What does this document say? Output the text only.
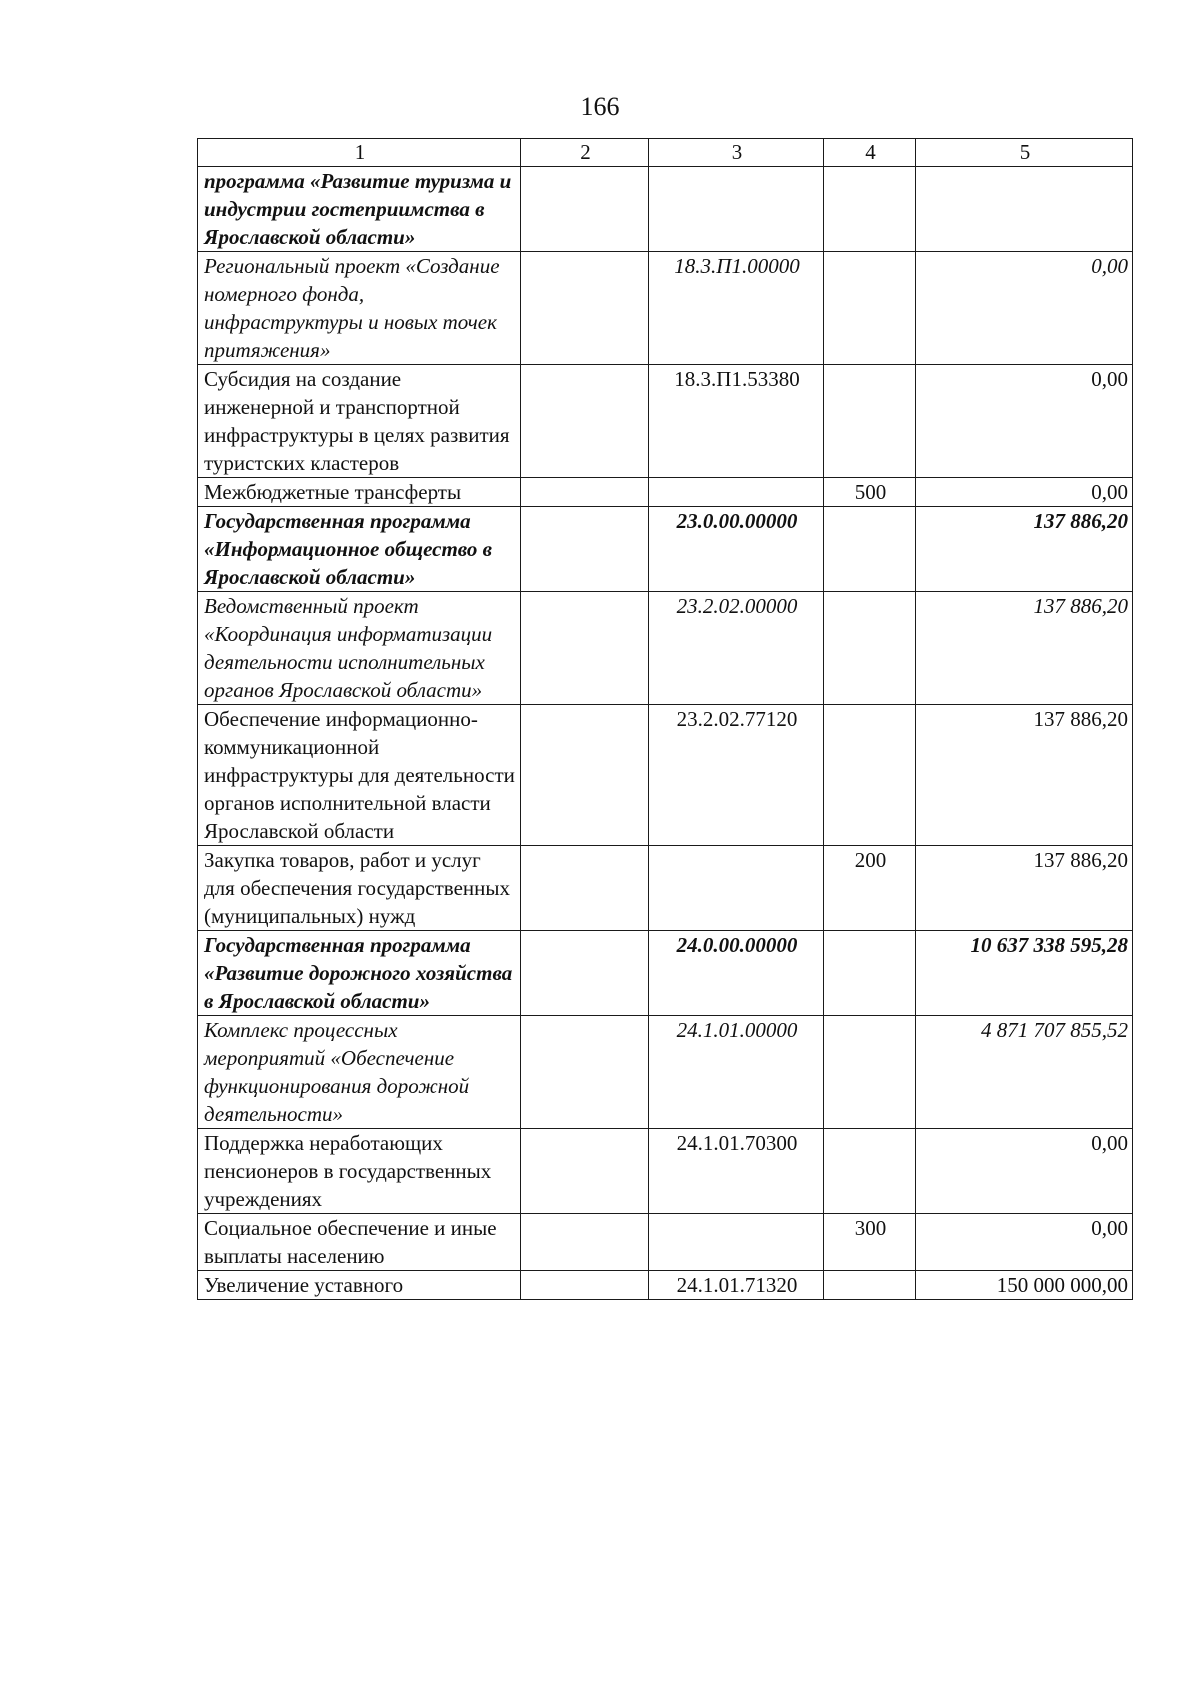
166
1	2	3	4	5
программа «Развитие туризма и индустрии гостеприимства в Ярославской области»				
Региональный проект «Создание номерного фонда, инфраструктуры и новых точек притяжения»		18.3.П1.00000		0,00
Субсидия на создание инженерной и транспортной инфраструктуры в целях развития туристских кластеров		18.3.П1.53380		0,00
Межбюджетные трансферты			500	0,00
Государственная программа «Информационное общество в Ярославской области»		23.0.00.00000		137 886,20
Ведомственный проект «Координация информатизации деятельности исполнительных органов Ярославской области»		23.2.02.00000		137 886,20
Обеспечение информационно-коммуникационной инфраструктуры для деятельности органов исполнительной власти Ярославской области		23.2.02.77120		137 886,20
Закупка товаров, работ и услуг для обеспечения государственных (муниципальных) нужд			200	137 886,20
Государственная программа «Развитие дорожного хозяйства в Ярославской области»		24.0.00.00000		10 637 338 595,28
Комплекс процессных мероприятий «Обеспечение функционирования дорожной деятельности»		24.1.01.00000		4 871 707 855,52
Поддержка неработающих пенсионеров в государственных учреждениях		24.1.01.70300		0,00
Социальное обеспечение и иные выплаты населению			300	0,00
Увеличение уставного		24.1.01.71320		150 000 000,00
